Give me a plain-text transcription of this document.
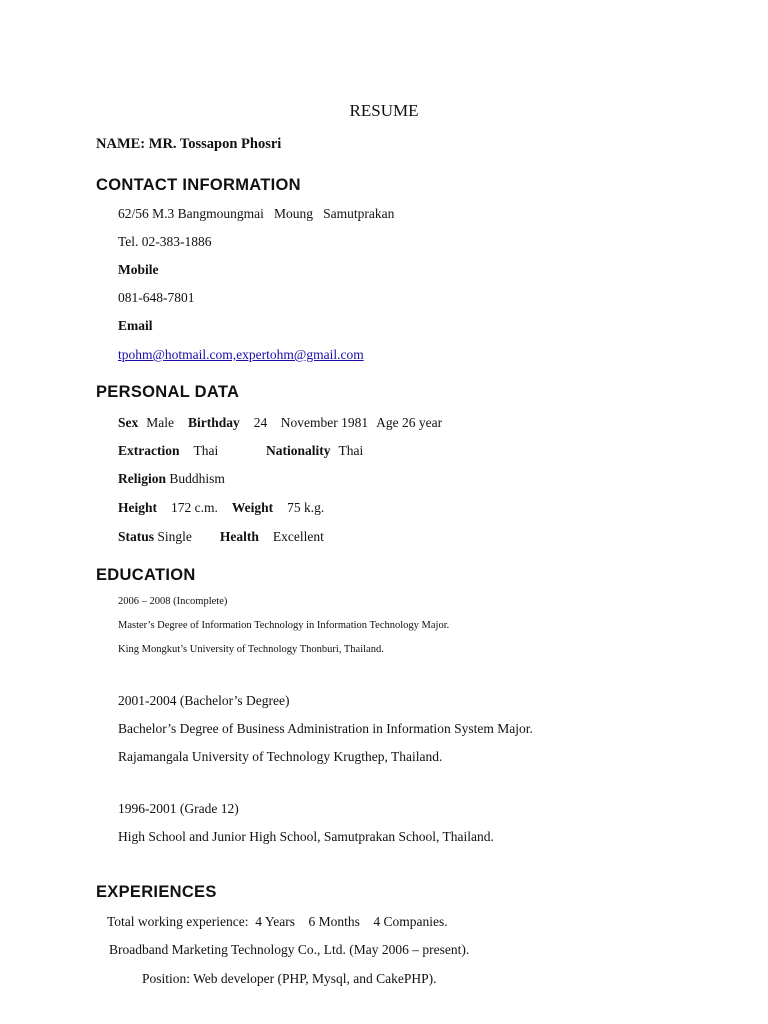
RESUME
NAME: MR. Tossapon Phosri
CONTACT INFORMATION
62/56 M.3 Bangmoungmai   Moung   Samutprakan
Tel. 02-383-1886
Mobile
081-648-7801
Email
tpohm@hotmail.com,expertohm@gmail.com
PERSONAL DATA
Sex Male Birthday 24    November 1981 Age 26 year
Extraction Thai	Nationality Thai
Religion Buddhism
Height 172 c.m. Weight 75 k.g.
Status Single Health Excellent
EDUCATION
2006 – 2008 (Incomplete)
Master’s Degree of Information Technology in Information Technology Major.
King Mongkut’s University of Technology Thonburi, Thailand.
2001-2004 (Bachelor’s Degree)
Bachelor’s Degree of Business Administration in Information System Major.
Rajamangala University of Technology Krugthep, Thailand.
1996-2001 (Grade 12)
High School and Junior High School, Samutprakan School, Thailand.
EXPERIENCES
Total working experience:  4 Years    6 Months    4 Companies.
Broadband Marketing Technology Co., Ltd. (May 2006 – present).
Position: Web developer (PHP, Mysql, and CakePHP).
